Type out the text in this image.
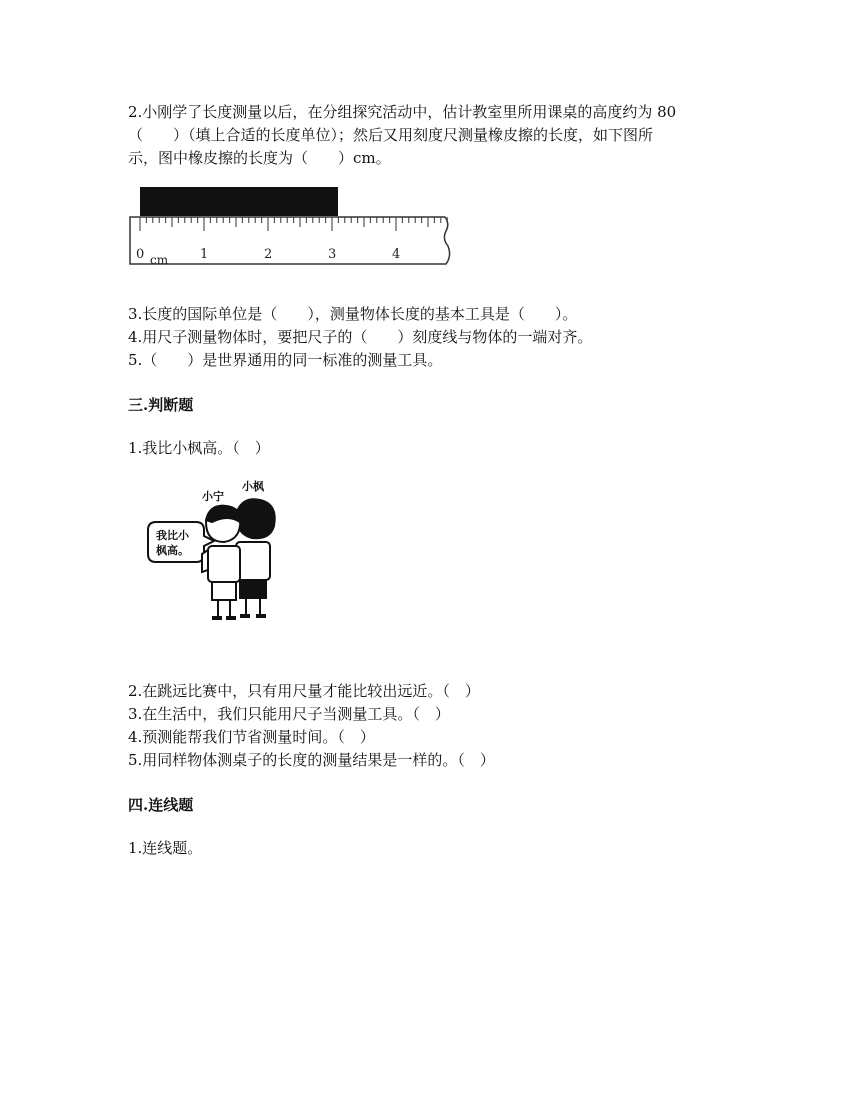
2.小刚学了长度测量以后，在分组探究活动中，估计教室里所用课桌的高度约为 80
（　　）（填上合适的长度单位）；然后又用刻度尺测量橡皮擦的长度，如下图所
示，图中橡皮擦的长度为（　　）cm。
0	1	2	3	4
cm
3.长度的国际单位是（　　），测量物体长度的基本工具是（　　）。
4.用尺子测量物体时，要把尺子的（　　）刻度线与物体的一端对齐。
5.（　　）是世界通用的同一标准的测量工具。
三.判断题
1.我比小枫高。（　）
小宁
小枫
我比小
枫高。
2.在跳远比赛中，只有用尺量才能比较出远近。（　）
3.在生活中，我们只能用尺子当测量工具。（　）
4.预测能帮我们节省测量时间。（　）
5.用同样物体测桌子的长度的测量结果是一样的。（　）
四.连线题
1.连线题。
